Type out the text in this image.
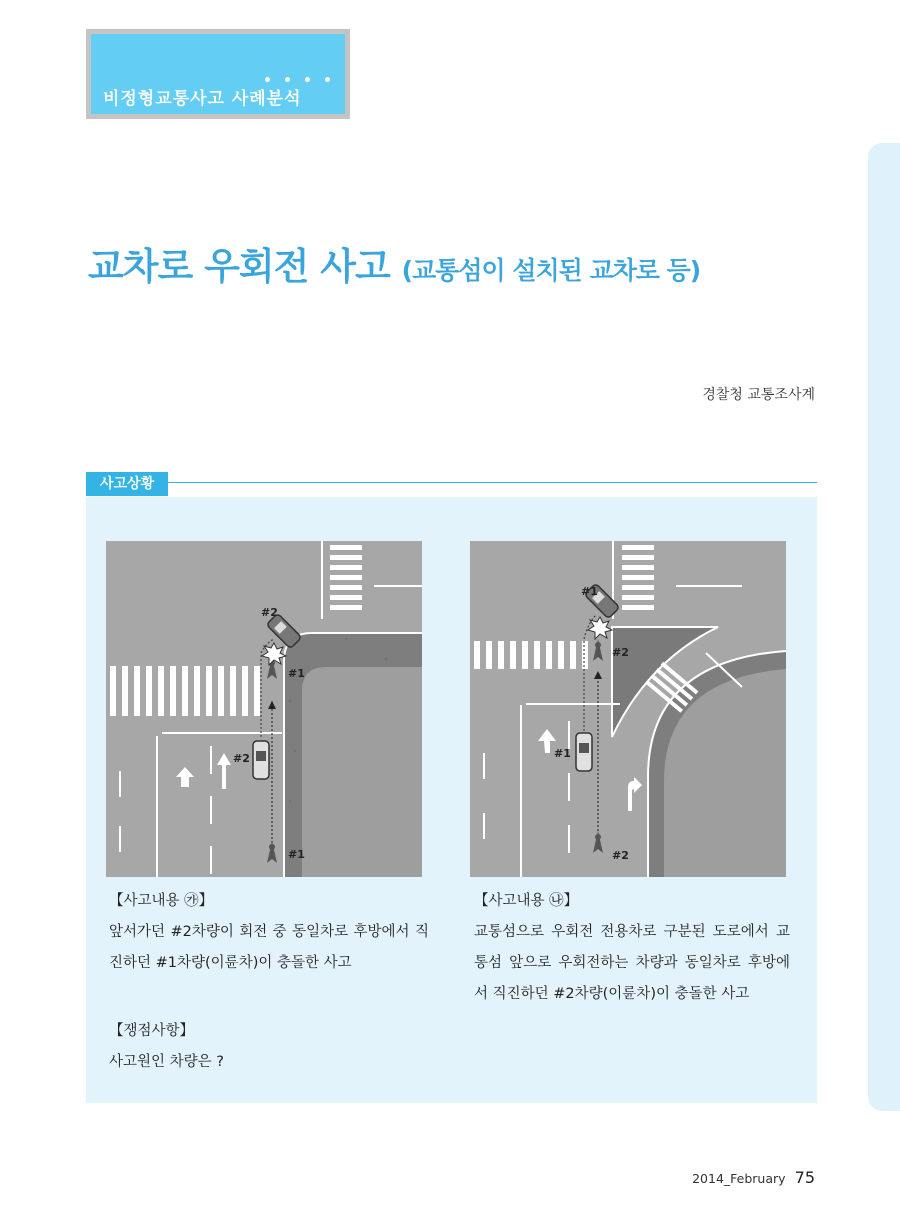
비정형교통사고 사례분석
교차로 우회전 사고 (교통섬이 설치된 교차로 등)
경찰청 교통조사계
사고상황
#2
#1
#2
#1
#1
#2
#1
#2
【사고내용 ㉮】
앞서가던 #2차량이 회전 중 동일차로 후방에서 직진하던 #1차량(이륜차)이 충돌한 사고
【사고내용 ㉯】
교통섬으로 우회전 전용차로 구분된 도로에서 교통섬 앞으로 우회전하는 차량과 동일차로 후방에서 직진하던 #2차량(이륜차)이 충돌한 사고
【쟁점사항】
사고원인 차량은 ?
2014_February 75
